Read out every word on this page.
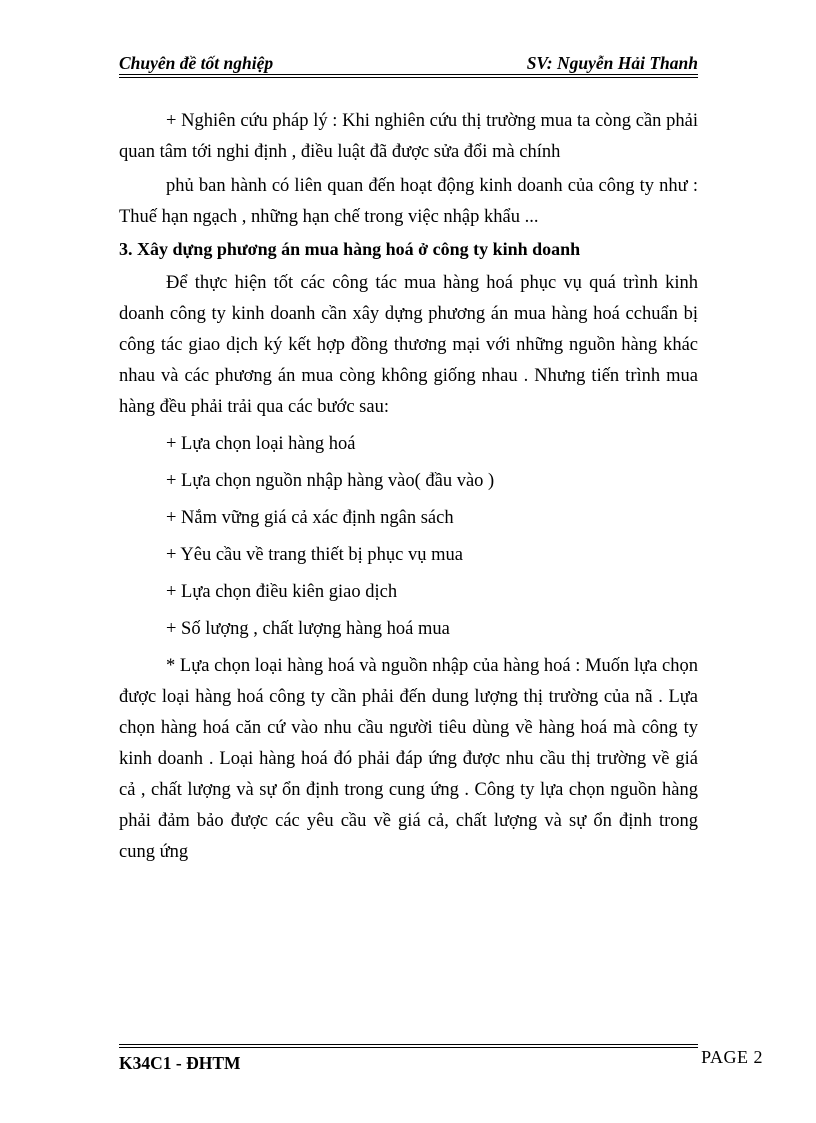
Chuyên đề tốt nghiệp	SV: Nguyễn Hải Thanh

+ Nghiên cứu pháp lý : Khi nghiên cứu thị trường mua ta còng cần phải quan tâm tới nghi định , điều luật đã được sửa đổi mà chính

phủ ban hành có liên quan đến hoạt động kinh doanh của công ty như : Thuế hạn ngạch , những hạn chế trong việc nhập khẩu ...

3. Xây dựng phương án mua hàng hoá ở công ty kinh doanh

Để thực hiện tốt các công tác mua hàng hoá phục vụ quá trình kinh doanh công ty kinh doanh cần xây dựng phương án mua hàng hoá cchuẩn bị công tác giao dịch ký kết hợp đồng thương mại với những nguồn hàng khác nhau và các phương án mua còng không giống nhau . Nhưng tiến trình mua hàng đều phải trải qua các bước sau:

+ Lựa chọn loại hàng hoá

+ Lựa chọn nguồn nhập hàng vào( đầu vào )

+ Nắm vững giá cả xác định ngân sách

+ Yêu cầu về trang thiết bị phục vụ mua

+ Lựa chọn điều kiên giao dịch

+ Số lượng , chất lượng hàng hoá mua

* Lựa chọn loại hàng hoá và nguồn nhập của hàng hoá : Muốn lựa chọn được loại hàng hoá công ty cần phải đến dung lượng thị trường của nã . Lựa chọn hàng hoá căn cứ vào nhu cầu người tiêu dùng về hàng hoá mà công ty kinh doanh . Loại hàng hoá đó phải đáp ứng được nhu cầu thị trường về giá cả , chất lượng và sự ổn định trong cung ứng . Công ty lựa chọn nguồn hàng phải đảm bảo được các yêu cầu về giá cả, chất lượng và sự ổn định trong cung ứng

K34C1 - ĐHTM	PAGE 2
